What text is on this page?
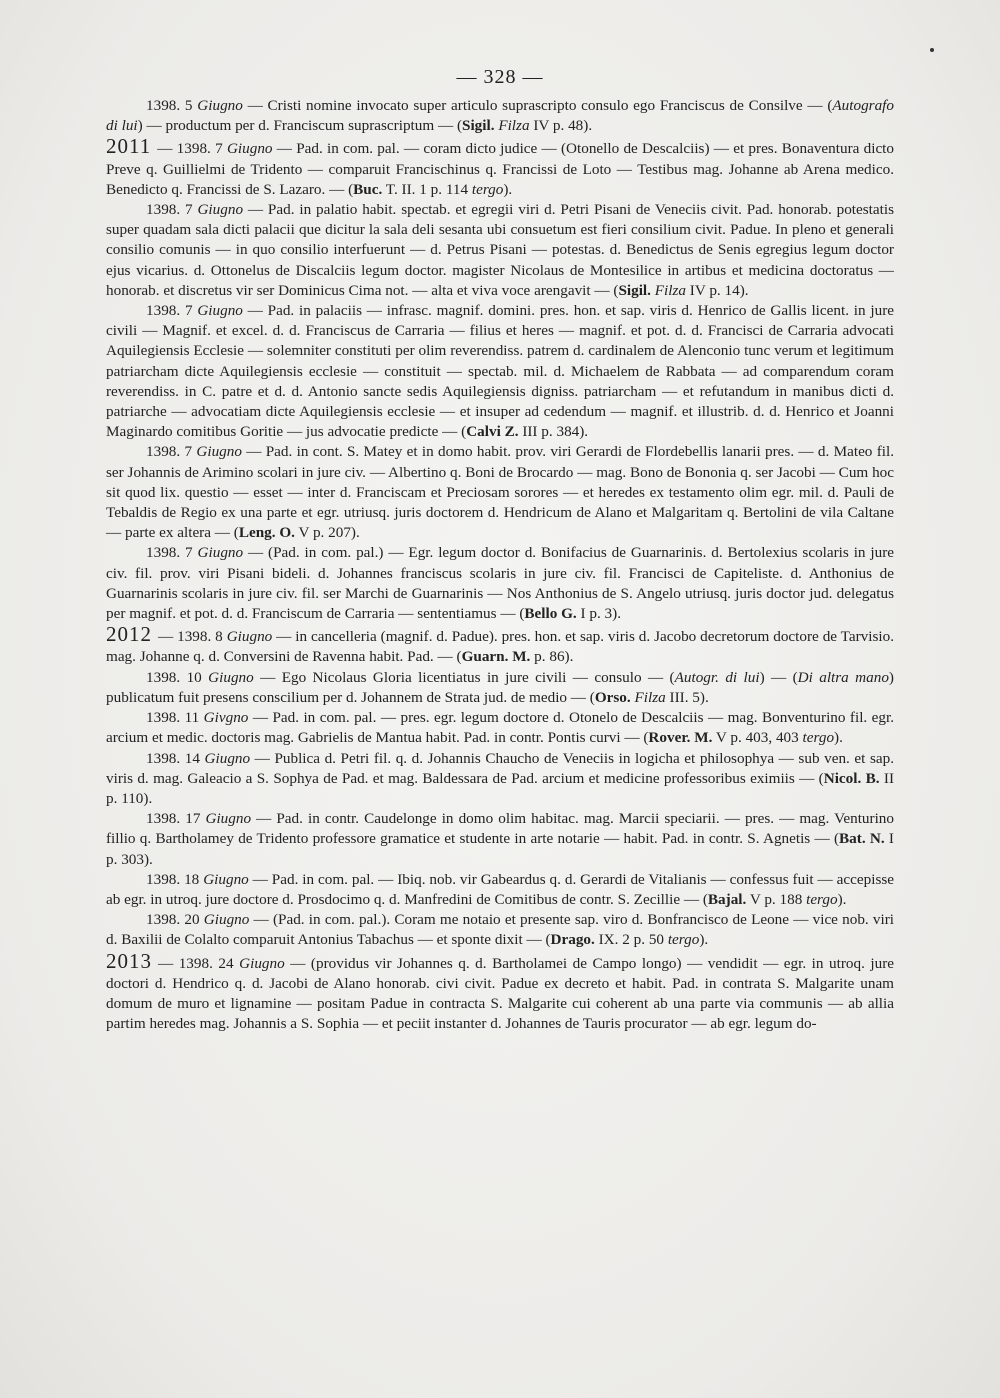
— 328 —

1398. 5 Giugno — Cristi nomine invocato super articulo suprascripto consulo ego Franciscus de Consilve — (Autografo di lui) — productum per d. Franciscum suprascriptum — (Sigil. Filza IV p. 48).

2011 — 1398. 7 Giugno — Pad. in com. pal. — coram dicto judice — (Otonello de Descalciis) — et pres. Bonaventura dicto Preve q. Guillielmi de Tridento — comparuit Francischinus q. Francissi de Loto — Testibus mag. Johanne ab Arena medico. Benedicto q. Francissi de S. Lazaro. — (Buc. T. II. 1 p. 114 tergo).

1398. 7 Giugno — Pad. in palatio habit. spectab. et egregii viri d. Petri Pisani de Veneciis civit. Pad. honorab. potestatis super quadam sala dicti palacii que dicitur la sala deli sesanta ubi consuetum est fieri consilium civit. Padue. In pleno et generali consilio comunis — in quo consilio interfuerunt — d. Petrus Pisani — potestas. d. Benedictus de Senis egregius legum doctor ejus vicarius. d. Ottonelus de Discalciis legum doctor. magister Nicolaus de Montesilice in artibus et medicina doctoratus — honorab. et discretus vir ser Dominicus Cima not. — alta et viva voce arengavit — (Sigil. Filza IV p. 14).

1398. 7 Giugno — Pad. in palaciis — infrasc. magnif. domini. pres. hon. et sap. viris d. Henrico de Gallis licent. in jure civili — Magnif. et excel. d. d. Franciscus de Carraria — filius et heres — magnif. et pot. d. d. Francisci de Carraria advocati Aquilegiensis Ecclesie — solemniter constituti per olim reverendiss. patrem d. cardinalem de Alenconio tunc verum et legitimum patriarcham dicte Aquilegiensis ecclesie — constituit — spectab. mil. d. Michaelem de Rabbata — ad comparendum coram reverendiss. in C. patre et d. d. Antonio sancte sedis Aquilegiensis digniss. patriarcham — et refutandum in manibus dicti d. patriarche — advocatiam dicte Aquilegiensis ecclesie — et insuper ad cedendum — magnif. et illustrib. d. d. Henrico et Joanni Maginardo comitibus Goritie — jus advocatie predicte — (Calvi Z. III p. 384).

1398. 7 Giugno — Pad. in cont. S. Matey et in domo habit. prov. viri Gerardi de Flordebellis lanarii pres. — d. Mateo fil. ser Johannis de Arimino scolari in jure civ. — Albertino q. Boni de Brocardo — mag. Bono de Bononia q. ser Jacobi — Cum hoc sit quod lix. questio — esset — inter d. Franciscam et Preciosam sorores — et heredes ex testamento olim egr. mil. d. Pauli de Tebaldis de Regio ex una parte et egr. utriusq. juris doctorem d. Hendricum de Alano et Malgaritam q. Bertolini de vila Caltane — parte ex altera — (Leng. O. V p. 207).

1398. 7 Giugno — (Pad. in com. pal.) — Egr. legum doctor d. Bonifacius de Guarnarinis. d. Bertolexius scolaris in jure civ. fil. prov. viri Pisani bideli. d. Johannes franciscus scolaris in jure civ. fil. Francisci de Capiteliste. d. Anthonius de Guarnarinis scolaris in jure civ. fil. ser Marchi de Guarnarinis — Nos Anthonius de S. Angelo utriusq. juris doctor jud. delegatus per magnif. et pot. d. d. Franciscum de Carraria — sententiamus — (Bello G. I p. 3).

2012 — 1398. 8 Giugno — in cancelleria (magnif. d. Padue). pres. hon. et sap. viris d. Jacobo decretorum doctore de Tarvisio. mag. Johanne q. d. Conversini de Ravenna habit. Pad. — (Guarn. M. p. 86).

1398. 10 Giugno — Ego Nicolaus Gloria licentiatus in jure civili — consulo — (Autogr. di lui) — (Di altra mano) publicatum fuit presens conscilium per d. Johannem de Strata jud. de medio — (Orso. Filza III. 5).

1398. 11 Givgno — Pad. in com. pal. — pres. egr. legum doctore d. Otonelo de Descalciis — mag. Bonventurino fil. egr. arcium et medic. doctoris mag. Gabrielis de Mantua habit. Pad. in contr. Pontis curvi — (Rover. M. V p. 403, 403 tergo).

1398. 14 Giugno — Publica d. Petri fil. q. d. Johannis Chaucho de Veneciis in logicha et philosophya — sub ven. et sap. viris d. mag. Galeacio a S. Sophya de Pad. et mag. Baldessara de Pad. arcium et medicine professoribus eximiis — (Nicol. B. II p. 110).

1398. 17 Giugno — Pad. in contr. Caudelonge in domo olim habitac. mag. Marcii speciarii. — pres. — mag. Venturino fillio q. Bartholamey de Tridento professore gramatice et studente in arte notarie — habit. Pad. in contr. S. Agnetis — (Bat. N. I p. 303).

1398. 18 Giugno — Pad. in com. pal. — Ibiq. nob. vir Gabeardus q. d. Gerardi de Vitalianis — confessus fuit — accepisse ab egr. in utroq. jure doctore d. Prosdocimo q. d. Manfredini de Comitibus de contr. S. Zecillie — (Bajal. V p. 188 tergo).

1398. 20 Giugno — (Pad. in com. pal.). Coram me notaio et presente sap. viro d. Bonfrancisco de Leone — vice nob. viri d. Baxilii de Colalto comparuit Antonius Tabachus — et sponte dixit — (Drago. IX. 2 p. 50 tergo).

2013 — 1398. 24 Giugno — (providus vir Johannes q. d. Bartholamei de Campo longo) — vendidit — egr. in utroq. jure doctori d. Hendrico q. d. Jacobi de Alano honorab. civi civit. Padue ex decreto et habit. Pad. in contrata S. Malgarite unam domum de muro et lignamine — positam Padue in contracta S. Malgarite cui coherent ab una parte via communis — ab allia partim heredes mag. Johannis a S. Sophia — et peciit instanter d. Johannes de Tauris procurator — ab egr. legum do-
